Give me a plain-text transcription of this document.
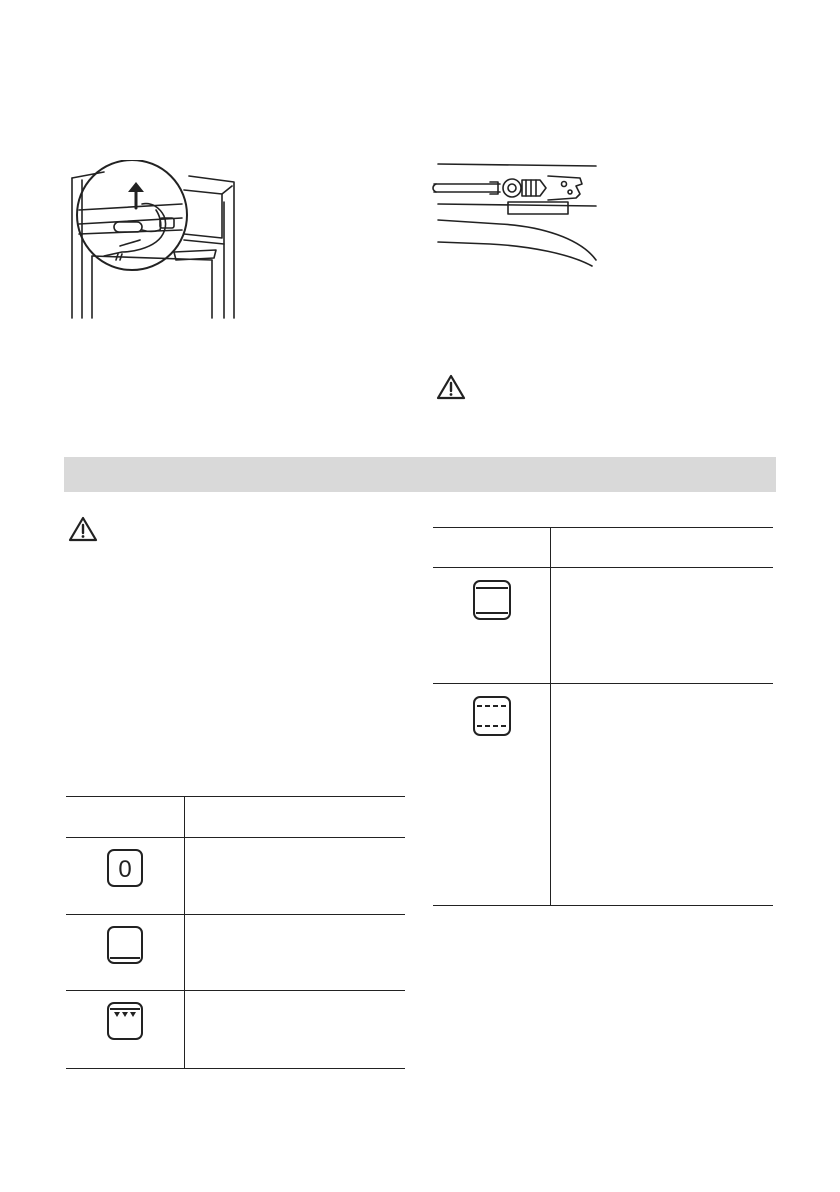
0	
